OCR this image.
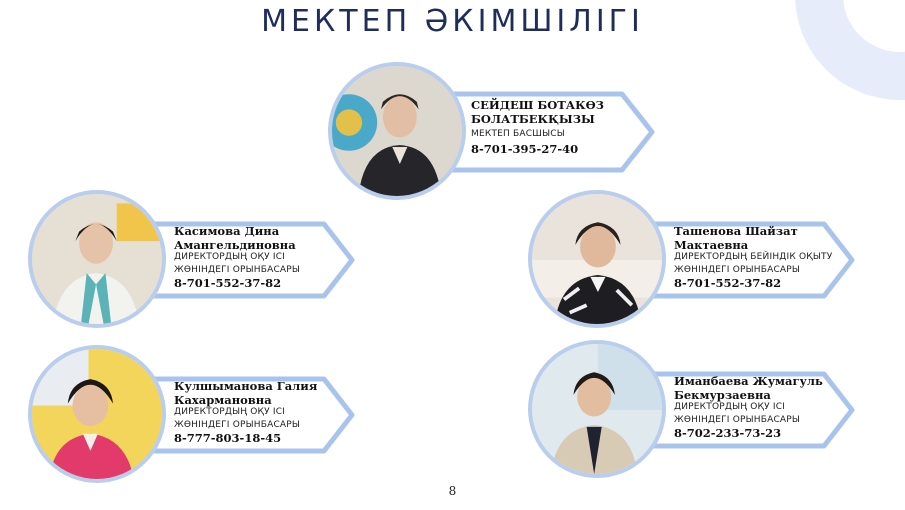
МЕКТЕП ӘКІМШІЛІГІ

СЕЙДЕШ БОТАКӨЗ

БОЛАТБЕКҚЫЗЫ

МЕКТЕП БАСШЫСЫ

8-701-395-27-40

Касимова Дина

Амангельдиновна

ДИРЕКТОРДЫҢ ОҚУ ІСІ

ЖӨНІНДЕГІ ОРЫНБАСАРЫ

8-701-552-37-82

Ташенова Шайзат

Мактаевна

ДИРЕКТОРДЫҢ БЕЙІНДІК ОҚЫТУ

ЖӨНІНДЕГІ ОРЫНБАСАРЫ

8-701-552-37-82

Кулшыманова Галия

Кахармановна

ДИРЕКТОРДЫҢ ОҚУ ІСІ

ЖӨНІНДЕГІ ОРЫНБАСАРЫ

8-777-803-18-45

Иманбаева Жумагуль

Бекмурзаевна

ДИРЕКТОРДЫҢ ОҚУ ІСІ

ЖӨНІНДЕГІ ОРЫНБАСАРЫ

8-702-233-73-23

8
